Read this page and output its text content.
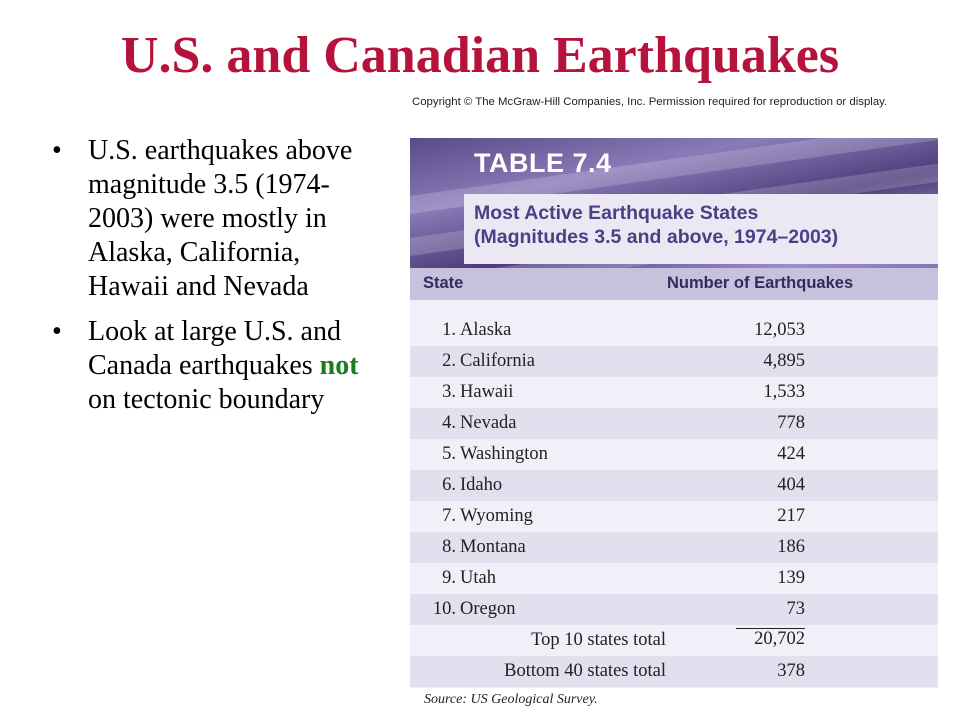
U.S. and Canadian Earthquakes
Copyright © The McGraw-Hill Companies, Inc. Permission required for reproduction or display.
• U.S. earthquakes above magnitude 3.5 (1974-2003) were mostly in Alaska, California, Hawaii and Nevada
• Look at large U.S. and Canada earthquakes not on tectonic boundary
TABLE 7.4
Most Active Earthquake States
(Magnitudes 3.5 and above, 1974–2003)
State	Number of Earthquakes
1. Alaska	12,053
2. California	4,895
3. Hawaii	1,533
4. Nevada	778
5. Washington	424
6. Idaho	404
7. Wyoming	217
8. Montana	186
9. Utah	139
10. Oregon	73
Top 10 states total	20,702
Bottom 40 states total	378
Source: US Geological Survey.
